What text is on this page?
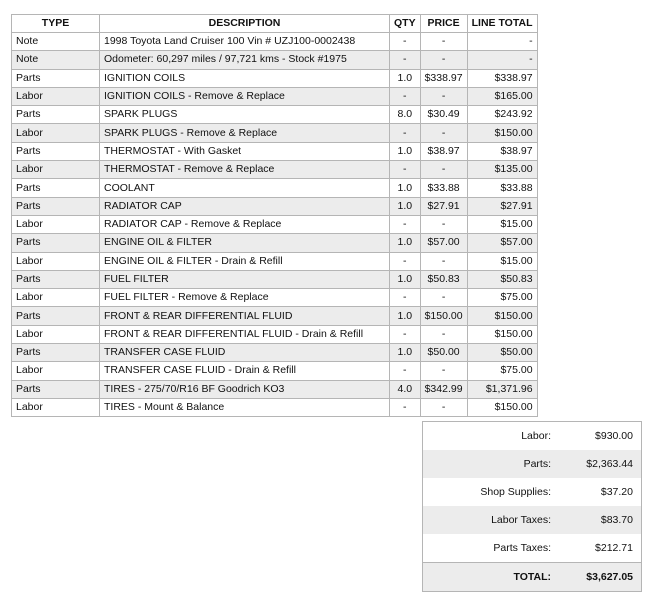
TYPE	DESCRIPTION	QTY	PRICE	LINE TOTAL
Note	1998 Toyota Land Cruiser 100 Vin # UZJ100-0002438	-	-	-
Note	Odometer: 60,297 miles / 97,721 kms - Stock #1975	-	-	-
Parts	IGNITION COILS	1.0	$338.97	$338.97
Labor	IGNITION COILS - Remove & Replace	-	-	$165.00
Parts	SPARK PLUGS	8.0	$30.49	$243.92
Labor	SPARK PLUGS - Remove & Replace	-	-	$150.00
Parts	THERMOSTAT - With Gasket	1.0	$38.97	$38.97
Labor	THERMOSTAT - Remove & Replace	-	-	$135.00
Parts	COOLANT	1.0	$33.88	$33.88
Parts	RADIATOR CAP	1.0	$27.91	$27.91
Labor	RADIATOR CAP - Remove & Replace	-	-	$15.00
Parts	ENGINE OIL & FILTER	1.0	$57.00	$57.00
Labor	ENGINE OIL & FILTER - Drain & Refill	-	-	$15.00
Parts	FUEL FILTER	1.0	$50.83	$50.83
Labor	FUEL FILTER - Remove & Replace	-	-	$75.00
Parts	FRONT & REAR DIFFERENTIAL FLUID	1.0	$150.00	$150.00
Labor	FRONT & REAR DIFFERENTIAL FLUID - Drain & Refill	-	-	$150.00
Parts	TRANSFER CASE FLUID	1.0	$50.00	$50.00
Labor	TRANSFER CASE FLUID - Drain & Refill	-	-	$75.00
Parts	TIRES - 275/70/R16 BF Goodrich KO3	4.0	$342.99	$1,371.96
Labor	TIRES - Mount & Balance	-	-	$150.00
Labor:	$930.00
Parts:	$2,363.44
Shop Supplies:	$37.20
Labor Taxes:	$83.70
Parts Taxes:	$212.71
TOTAL:	$3,627.05
